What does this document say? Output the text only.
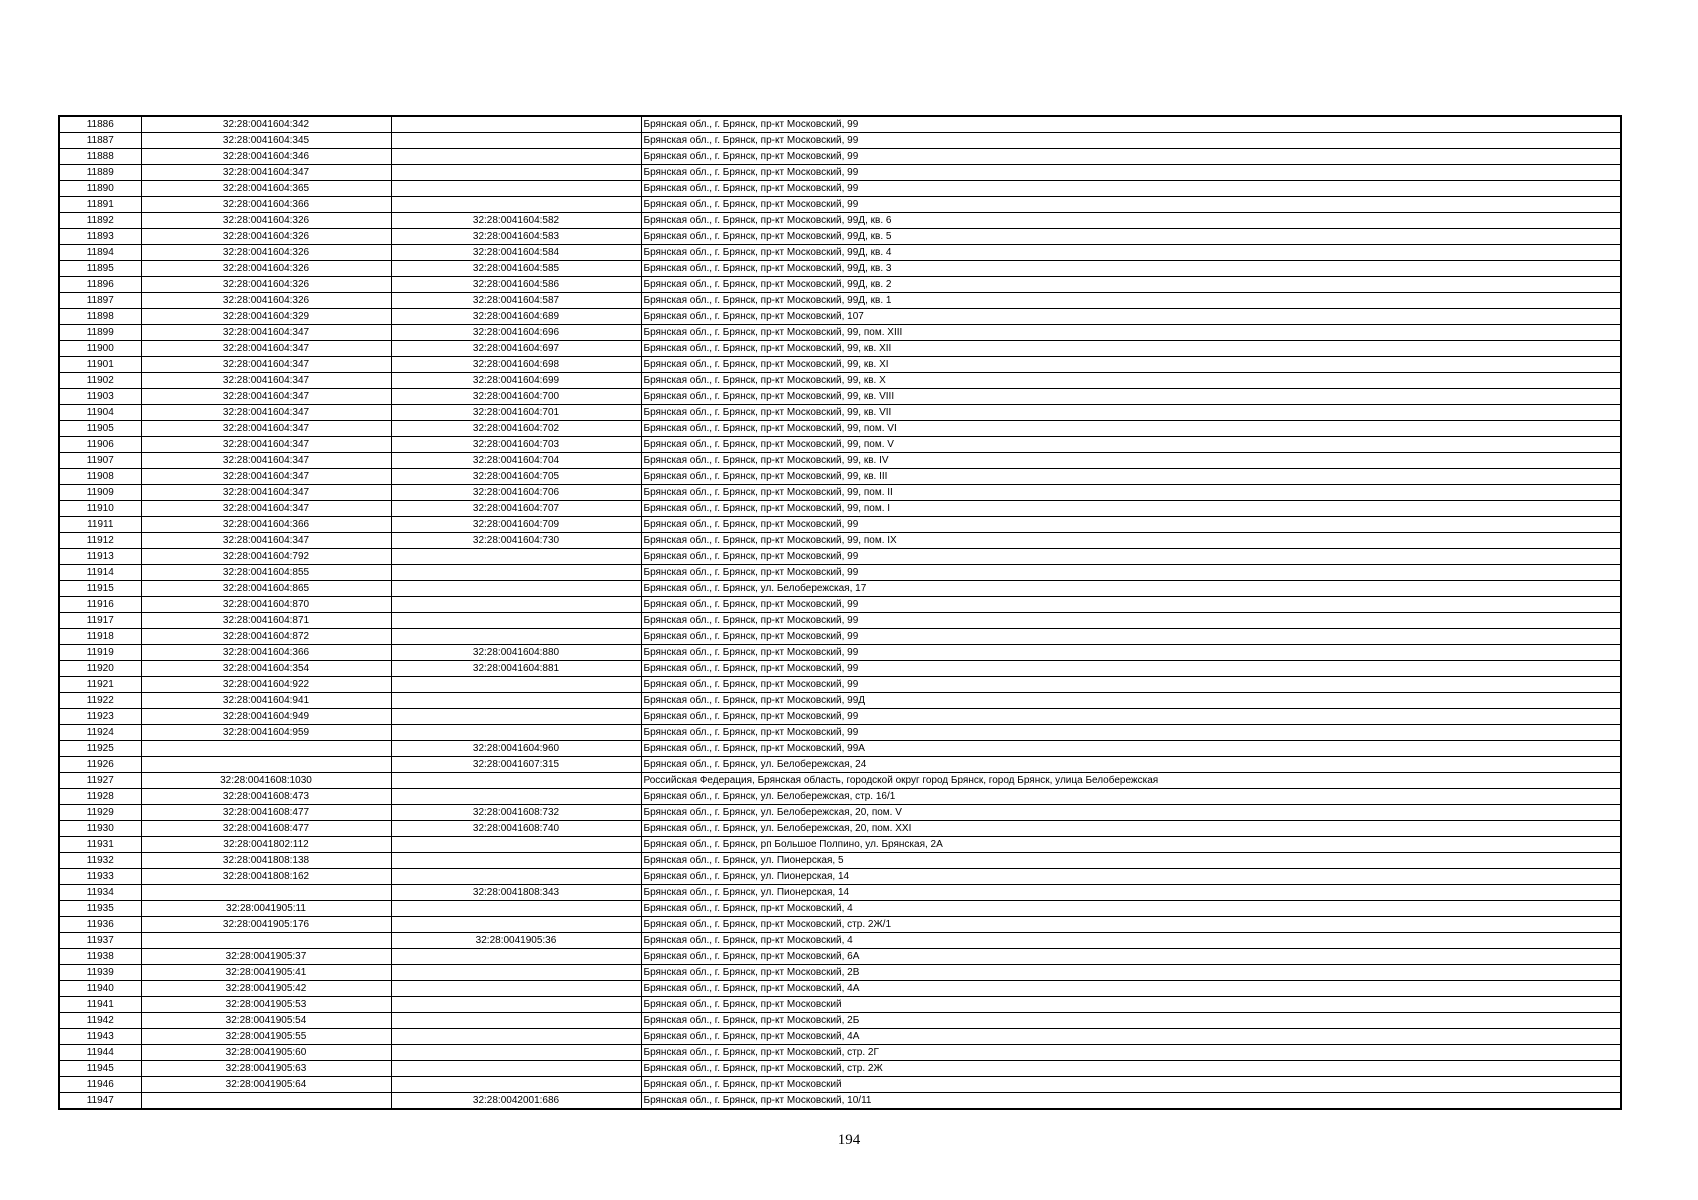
11886	32:28:0041604:342		Брянская обл., г. Брянск, пр-кт Московский, 99
11887	32:28:0041604:345		Брянская обл., г. Брянск, пр-кт Московский, 99
11888	32:28:0041604:346		Брянская обл., г. Брянск, пр-кт Московский, 99
11889	32:28:0041604:347		Брянская обл., г. Брянск, пр-кт Московский, 99
11890	32:28:0041604:365		Брянская обл., г. Брянск, пр-кт Московский, 99
11891	32:28:0041604:366		Брянская обл., г. Брянск, пр-кт Московский, 99
11892	32:28:0041604:326	32:28:0041604:582	Брянская обл., г. Брянск, пр-кт Московский, 99Д, кв. 6
11893	32:28:0041604:326	32:28:0041604:583	Брянская обл., г. Брянск, пр-кт Московский, 99Д, кв. 5
11894	32:28:0041604:326	32:28:0041604:584	Брянская обл., г. Брянск, пр-кт Московский, 99Д, кв. 4
11895	32:28:0041604:326	32:28:0041604:585	Брянская обл., г. Брянск, пр-кт Московский, 99Д, кв. 3
11896	32:28:0041604:326	32:28:0041604:586	Брянская обл., г. Брянск, пр-кт Московский, 99Д, кв. 2
11897	32:28:0041604:326	32:28:0041604:587	Брянская обл., г. Брянск, пр-кт Московский, 99Д, кв. 1
11898	32:28:0041604:329	32:28:0041604:689	Брянская обл., г. Брянск, пр-кт Московский, 107
11899	32:28:0041604:347	32:28:0041604:696	Брянская обл., г. Брянск, пр-кт Московский, 99, пом. XIII
11900	32:28:0041604:347	32:28:0041604:697	Брянская обл., г. Брянск, пр-кт Московский, 99, кв. XII
11901	32:28:0041604:347	32:28:0041604:698	Брянская обл., г. Брянск, пр-кт Московский, 99, кв. XI
11902	32:28:0041604:347	32:28:0041604:699	Брянская обл., г. Брянск, пр-кт Московский, 99, кв. X
11903	32:28:0041604:347	32:28:0041604:700	Брянская обл., г. Брянск, пр-кт Московский, 99, кв. VIII
11904	32:28:0041604:347	32:28:0041604:701	Брянская обл., г. Брянск, пр-кт Московский, 99, кв. VII
11905	32:28:0041604:347	32:28:0041604:702	Брянская обл., г. Брянск, пр-кт Московский, 99, пом. VI
11906	32:28:0041604:347	32:28:0041604:703	Брянская обл., г. Брянск, пр-кт Московский, 99, пом. V
11907	32:28:0041604:347	32:28:0041604:704	Брянская обл., г. Брянск, пр-кт Московский, 99, кв. IV
11908	32:28:0041604:347	32:28:0041604:705	Брянская обл., г. Брянск, пр-кт Московский, 99, кв. III
11909	32:28:0041604:347	32:28:0041604:706	Брянская обл., г. Брянск, пр-кт Московский, 99, пом. II
11910	32:28:0041604:347	32:28:0041604:707	Брянская обл., г. Брянск, пр-кт Московский, 99, пом. I
11911	32:28:0041604:366	32:28:0041604:709	Брянская обл., г. Брянск, пр-кт Московский, 99
11912	32:28:0041604:347	32:28:0041604:730	Брянская обл., г. Брянск, пр-кт Московский, 99, пом. IX
11913	32:28:0041604:792		Брянская обл., г. Брянск, пр-кт Московский, 99
11914	32:28:0041604:855		Брянская обл., г. Брянск, пр-кт Московский, 99
11915	32:28:0041604:865		Брянская обл., г. Брянск, ул. Белобережская, 17
11916	32:28:0041604:870		Брянская обл., г. Брянск, пр-кт Московский, 99
11917	32:28:0041604:871		Брянская обл., г. Брянск, пр-кт Московский, 99
11918	32:28:0041604:872		Брянская обл., г. Брянск, пр-кт Московский, 99
11919	32:28:0041604:366	32:28:0041604:880	Брянская обл., г. Брянск, пр-кт Московский, 99
11920	32:28:0041604:354	32:28:0041604:881	Брянская обл., г. Брянск, пр-кт Московский, 99
11921	32:28:0041604:922		Брянская обл., г. Брянск, пр-кт Московский, 99
11922	32:28:0041604:941		Брянская обл., г. Брянск, пр-кт Московский, 99Д
11923	32:28:0041604:949		Брянская обл., г. Брянск, пр-кт Московский, 99
11924	32:28:0041604:959		Брянская обл., г. Брянск, пр-кт Московский, 99
11925		32:28:0041604:960	Брянская обл., г. Брянск, пр-кт Московский, 99А
11926		32:28:0041607:315	Брянская обл., г. Брянск, ул. Белобережская, 24
11927	32:28:0041608:1030		Российская Федерация, Брянская область, городской округ город Брянск, город Брянск, улица Белобережская
11928	32:28:0041608:473		Брянская обл., г. Брянск, ул. Белобережская, стр. 16/1
11929	32:28:0041608:477	32:28:0041608:732	Брянская обл., г. Брянск, ул. Белобережская, 20, пом. V
11930	32:28:0041608:477	32:28:0041608:740	Брянская обл., г. Брянск, ул. Белобережская, 20, пом. XXI
11931	32:28:0041802:112		Брянская обл., г. Брянск, рп Большое Полпино, ул. Брянская, 2А
11932	32:28:0041808:138		Брянская обл., г. Брянск, ул. Пионерская, 5
11933	32:28:0041808:162		Брянская обл., г. Брянск, ул. Пионерская, 14
11934		32:28:0041808:343	Брянская обл., г. Брянск, ул. Пионерская, 14
11935	32:28:0041905:11		Брянская обл., г. Брянск, пр-кт Московский, 4
11936	32:28:0041905:176		Брянская обл., г. Брянск, пр-кт Московский, стр. 2Ж/1
11937		32:28:0041905:36	Брянская обл., г. Брянск, пр-кт Московский, 4
11938	32:28:0041905:37		Брянская обл., г. Брянск, пр-кт Московский, 6А
11939	32:28:0041905:41		Брянская обл., г. Брянск, пр-кт Московский, 2В
11940	32:28:0041905:42		Брянская обл., г. Брянск, пр-кт Московский, 4А
11941	32:28:0041905:53		Брянская обл., г. Брянск, пр-кт Московский
11942	32:28:0041905:54		Брянская обл., г. Брянск, пр-кт Московский, 2Б
11943	32:28:0041905:55		Брянская обл., г. Брянск, пр-кт Московский, 4А
11944	32:28:0041905:60		Брянская обл., г. Брянск, пр-кт Московский, стр. 2Г
11945	32:28:0041905:63		Брянская обл., г. Брянск, пр-кт Московский, стр. 2Ж
11946	32:28:0041905:64		Брянская обл., г. Брянск, пр-кт Московский
11947		32:28:0042001:686	Брянская обл., г. Брянск, пр-кт Московский, 10/11
194
